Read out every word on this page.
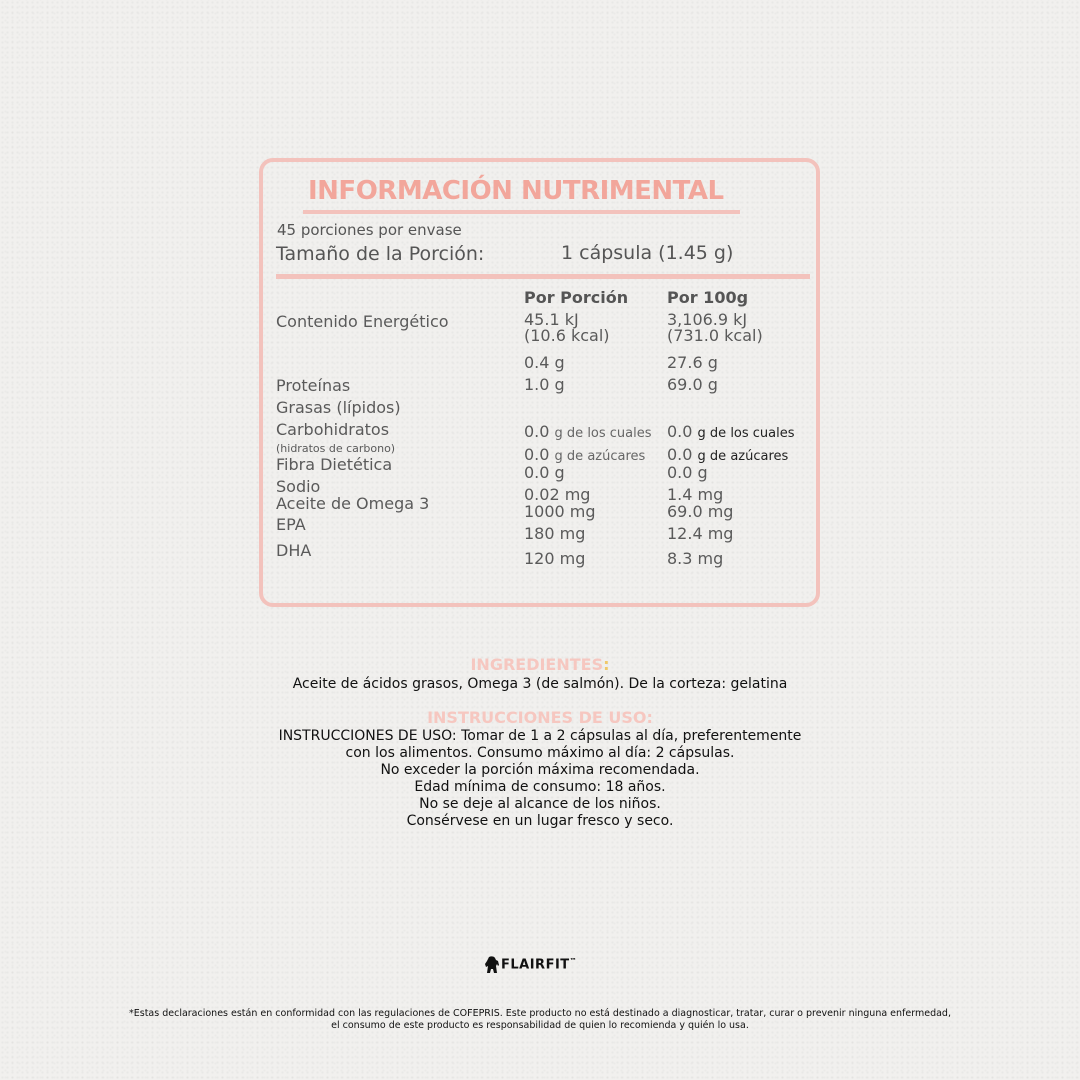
INFORMACIÓN NUTRIMENTAL
45 porciones por envase
Tamaño de la Porción:	1 cápsula (1.45 g)
Por Porción Por 100g
Contenido Energético
Proteínas
Grasas (lípidos)
Carbohidratos
(hidratos de carbono)
Fibra Dietética
Sodio
Aceite de Omega 3
EPA
DHA
45.1 kJ
(10.6 kcal)
0.4 g
1.0 g
0.0 g de los cuales
0.0 g de azúcares
0.0 g
0.02 mg
1000 mg
180 mg
120 mg
3,106.9 kJ
(731.0 kcal)
27.6 g
69.0 g
0.0 g de los cuales
0.0 g de azúcares
0.0 g
1.4 mg
69.0 mg
12.4 mg
8.3 mg
INGREDIENTES:
Aceite de ácidos grasos, Omega 3 (de salmón). De la corteza: gelatina
INSTRUCCIONES DE USO:
INSTRUCCIONES DE USO: Tomar de 1 a 2 cápsulas al día, preferentemente
con los alimentos. Consumo máximo al día: 2 cápsulas.
No exceder la porción máxima recomendada.
Edad mínima de consumo: 18 años.
No se deje al alcance de los niños.
Consérvese en un lugar fresco y seco.
FLAIRFIT™
*Estas declaraciones están en conformidad con las regulaciones de COFEPRIS. Este producto no está destinado a diagnosticar, tratar, curar o prevenir ninguna enfermedad,
el consumo de este producto es responsabilidad de quien lo recomienda y quién lo usa.
